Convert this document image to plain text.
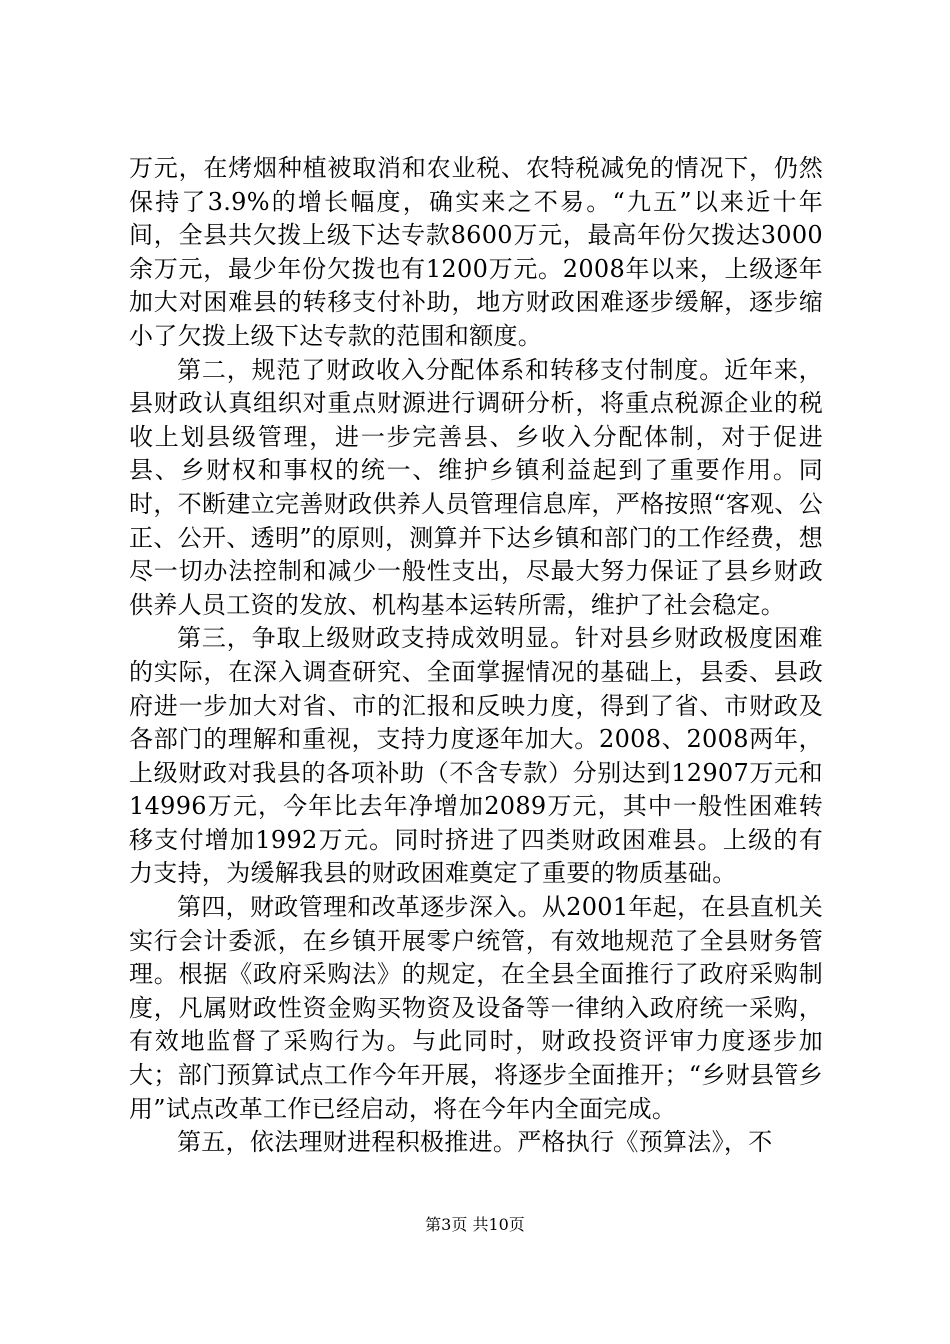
万元，在烤烟种植被取消和农业税、农特税减免的情况下，仍然保持了3.9%的增长幅度，确实来之不易。“九五”以来近十年间，全县共欠拨上级下达专款8600万元，最高年份欠拨达3000余万元，最少年份欠拨也有1200万元。2008年以来，上级逐年加大对困难县的转移支付补助，地方财政困难逐步缓解，逐步缩小了欠拨上级下达专款的范围和额度。

第二，规范了财政收入分配体系和转移支付制度。近年来，县财政认真组织对重点财源进行调研分析，将重点税源企业的税收上划县级管理，进一步完善县、乡收入分配体制，对于促进县、乡财权和事权的统一、维护乡镇利益起到了重要作用。同时，不断建立完善财政供养人员管理信息库，严格按照“客观、公正、公开、透明”的原则，测算并下达乡镇和部门的工作经费，想尽一切办法控制和减少一般性支出，尽最大努力保证了县乡财政供养人员工资的发放、机构基本运转所需，维护了社会稳定。

第三，争取上级财政支持成效明显。针对县乡财政极度困难的实际，在深入调查研究、全面掌握情况的基础上，县委、县政府进一步加大对省、市的汇报和反映力度，得到了省、市财政及各部门的理解和重视，支持力度逐年加大。2008、2008两年，上级财政对我县的各项补助（不含专款）分别达到12907万元和14996万元，今年比去年净增加2089万元，其中一般性困难转移支付增加1992万元。同时挤进了四类财政困难县。上级的有力支持，为缓解我县的财政困难奠定了重要的物质基础。

第四，财政管理和改革逐步深入。从2001年起，在县直机关实行会计委派，在乡镇开展零户统管，有效地规范了全县财务管理。根据《政府采购法》的规定，在全县全面推行了政府采购制度，凡属财政性资金购买物资及设备等一律纳入政府统一采购，有效地监督了采购行为。与此同时，财政投资评审力度逐步加大；部门预算试点工作今年开展，将逐步全面推开；“乡财县管乡用”试点改革工作已经启动，将在今年内全面完成。

第五，依法理财进程积极推进。严格执行《预算法》，不

第3页 共10页
